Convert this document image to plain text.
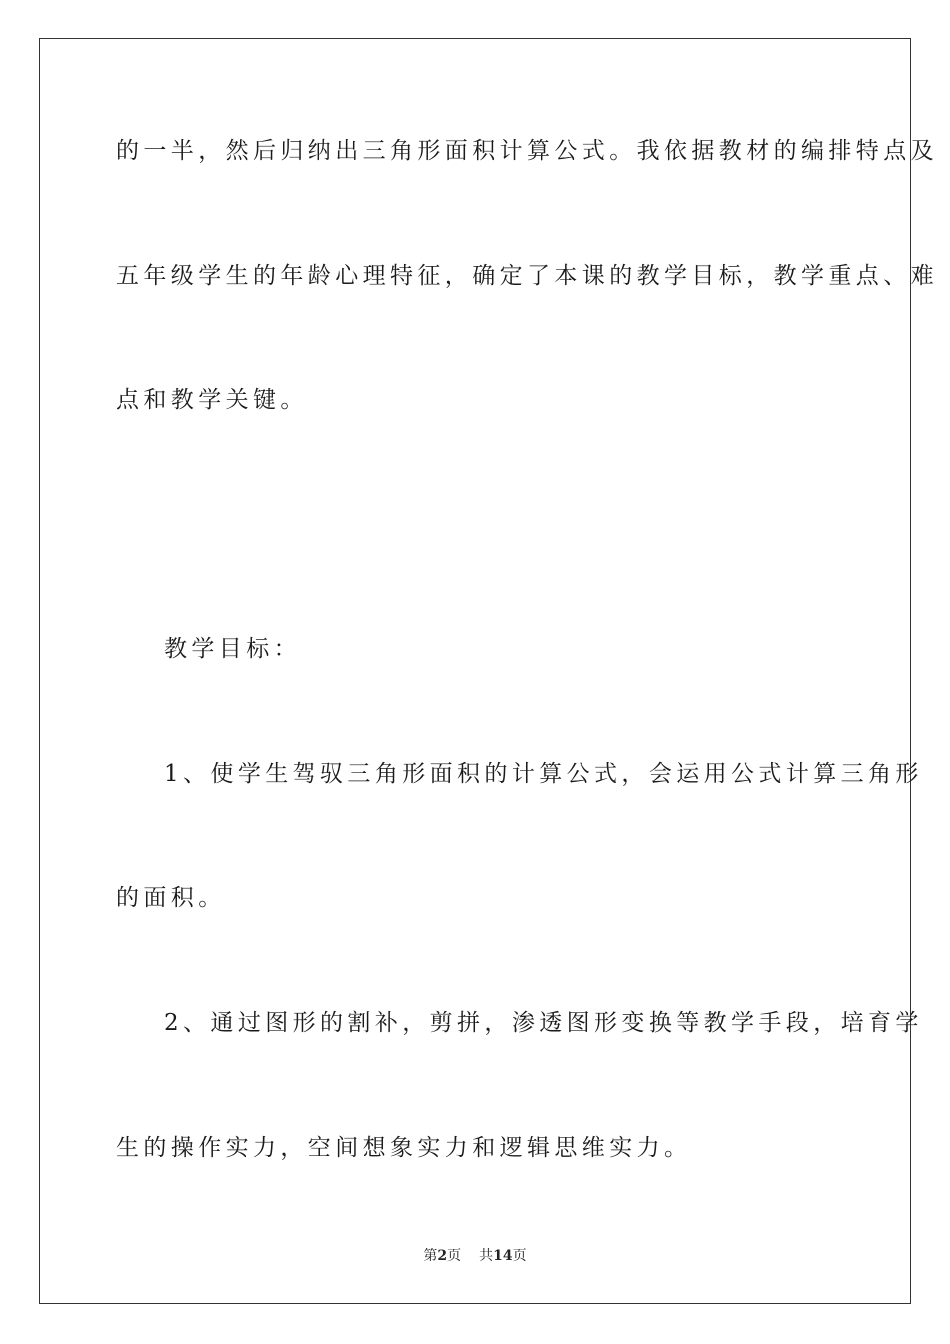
的一半，然后归纳出三角形面积计算公式。我依据教材的编排特点及
五年级学生的年龄心理特征，确定了本课的教学目标，教学重点、难
点和教学关键。
教学目标：
1、使学生驾驭三角形面积的计算公式，会运用公式计算三角形
的面积。
2、通过图形的割补，剪拼，渗透图形变换等教学手段，培育学
生的操作实力，空间想象实力和逻辑思维实力。
第2页 共14页
